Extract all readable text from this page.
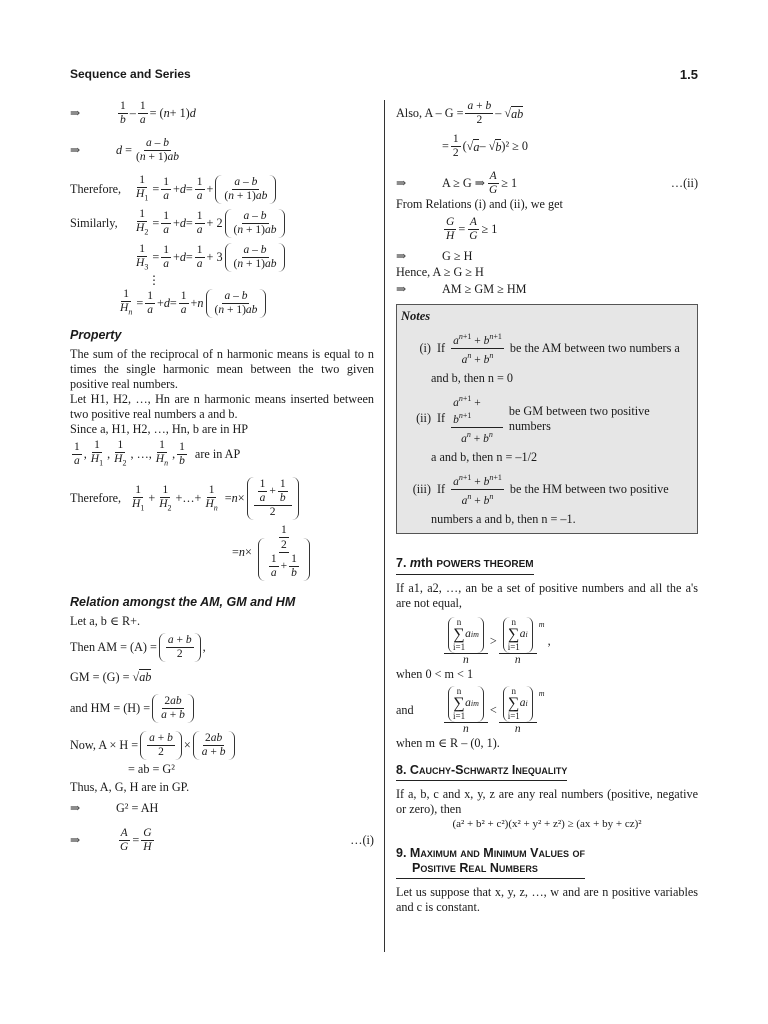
Sequence and Series	1.5
⇒	$\frac{1}{b} - \frac{1}{a}$ = ( n + 1) d
⇒	$d = \frac{a - b}{(n + 1)ab}$
Therefore,	$\frac{1}{H_1} = \frac{1}{a} + d = \frac{1}{a} + \frac{a - b}{(n + 1)ab}$
Similarly,	$\frac{1}{H_2} = \frac{1}{a} + d = \frac{1}{a} + 2 \frac{a - b}{(n + 1)ab}$
$\frac{1}{H_3} = \frac{1}{a} + d = \frac{1}{a} + 3 \frac{a - b}{(n + 1)ab}$
⋮
$\frac{1}{H_n} = \frac{1}{a} + d = \frac{1}{a} + n \frac{a - b}{(n + 1)ab}$
Property

The sum of the reciprocal of n harmonic means is equal to n times the single harmonic mean between the two given positive real numbers.

Let H1, H2, …, Hn are n harmonic means inserted between two positive real numbers a and b.

Since a, H1, H2, …, Hn, b are in HP

$\frac{1}{a}$ , $\frac{1}{H_1}$ , $\frac{1}{H_2}$ , …, $\frac{1}{H_n}$ , $\frac{1}{b}$ are in AP
Therefore, $\frac{1}{H_1} + \frac{1}{H_2}$ +…+ $\frac{1}{H_n} = n \times \frac{\frac{1}{a} + \frac{1}{b}}{2}$
= $n \times \frac{1}{\frac{2}{\frac{1}{a} + \frac{1}{b}}}$
Relation amongst the AM, GM and HM

Let a, b ∈ R+.

Then AM = $(A) = \frac{a + b}{2}$ ,
GM = (G) = √ ab
and HM = $(H) = \frac{2ab}{a + b}$
Now, $A \times H = \frac{a + b}{2} \times \frac{2ab}{a + b}$
= ab = G²

Thus, A, G, H are in GP.

⇒	G² = AH
⇒	$\frac{A}{G} = \frac{G}{H}$	…(i)
Also, $A - G = \frac{a + b}{2}$ – √ ab
= $\frac{1}{2}$ (√ a – √ b )² ≥ 0
⇒	A ≥ G ⇒ $\frac{A}{G} \ge 1$	…(ii)

From Relations (i) and (ii), we get

$\frac{G}{H} = \frac{A}{G} \ge 1$
⇒	G ≥ H

Hence, A ≥ G ≥ H

⇒	AM ≥ GM ≥ HM
Notes
(i) If $\frac{a^{n+1} + b^{n+1}}{a^n + b^n}$ be the AM between two numbers a
and b, then n = 0
(ii) If $\frac{a^{n+1} + b^{n+1}}{a^n + b^n}$ be GM between two positive numbers
a and b, then n = –1/2
(iii) If $\frac{a^{n+1} + b^{n+1}}{a^n + b^n}$ be the HM between two positive
numbers a and b, then n = –1.
7. mth POWERS THEOREM

If a1, a2, …, an be a set of positive numbers and all the a's are not equal,

n
∑
i=1
a i m
n > n
∑
i=1
a i
n $^m$
,

when 0 < m < 1

and	n
∑
i=1
a i m
n < n
∑
i=1
a i
n $^m$

when m ∈ R – (0, 1).

8. Cauchy-Schwartz Inequality

If a, b, c and x, y, z are any real numbers (positive, negative or zero), then

(a² + b² + c²)(x² + y² + z²) ≥ (ax + by + cz)²
9. Maximum and Minimum Values of
Positive Real Numbers

Let us suppose that x, y, z, …, w and are n positive variables and c is constant.
